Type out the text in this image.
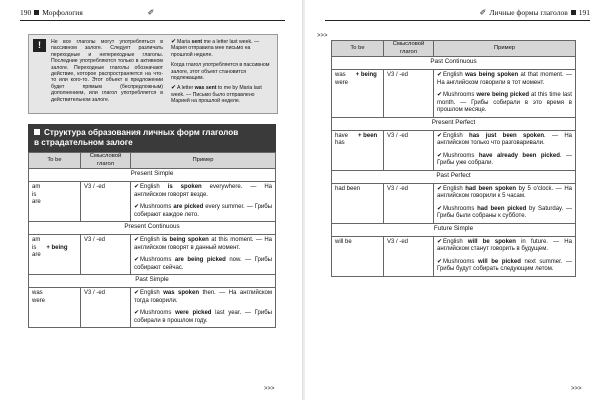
190 Морфология	✐
!	Не все глаголы могут употребляться в пассивном залоге. Следует различать переходные и непереходные глаголы. Последние употребляются только в активном залоге. Переходные глаголы обозначают действие, которое распространяется на что-то или кого-то. Этот объект в предложении будет прямым (беспредложным) дополнением, или глагол употребляется в действительном залоге.

✔Maria sent me a letter last week. — Мария отправила мне письмо на прошлой неделе.

Когда глагол употребляется в пассивном залоге, этот объект становится подлежащим.

✔A letter was sent to me by Maria last week. — Письмо было отправлено Марией на прошлой неделе.

Структура образования личных форм глаголов
в страдательном залоге
To be	Смысловой глагол	Пример
Present Simple		

am
is
are	V3 / -ed	✔English is spoken everywhere. — На английском говорят везде.
✔Mushrooms are picked every summer. — Грибы собирают каждое лето.

Present Continuous		

am
is + being
are	V3 / -ed	✔English is being spoken at this moment. — На английском говорят в данный момент.
✔Mushrooms are being picked now. — Грибы собирают сейчас.

Past Simple		

was
were	V3 / -ed	✔English was spoken then. — На английском тогда говорили.
✔Mushrooms were picked last year. — Грибы собирали в прошлом году.
>>>
✐ Личные формы глаголов 191
>>>
>>>
To be	Смысловой глагол	Пример
Past Continuous		

was + being
were	V3 / -ed	✔English was being spoken at that moment. — На английском говорили в тот момент.
✔Mushrooms were being picked at this time last month. — Грибы собирали в это время в прошлом месяце.

Present Perfect		

have + been
has	V3 / -ed	✔English has just been spoken. — На английском только что разговаривали.
✔Mushrooms have already been picked. — Грибы уже собрали.

Past Perfect		

had been	V3 / -ed	✔English had been spoken by 5 o'clock. — На английском говорили к 5 часам.
✔Mushrooms had been picked by Saturday. — Грибы были собраны к субботе.

Future Simple		

will be	V3 / -ed	✔English will be spoken in future. — На английском станут говорить в будущем.
✔Mushrooms will be picked next summer. — Грибы будут собирать следующим летом.
